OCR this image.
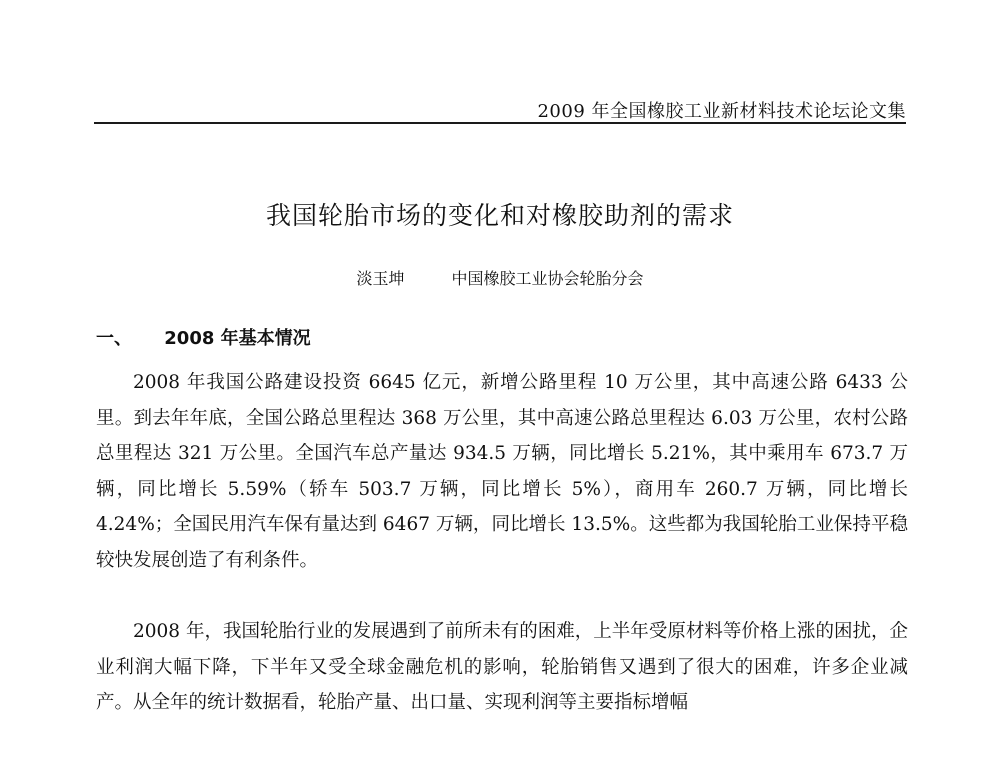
2009 年全国橡胶工业新材料技术论坛论文集
我国轮胎市场的变化和对橡胶助剂的需求
淡玉坤	中国橡胶工业协会轮胎分会
一、 2008 年基本情况

2008 年我国公路建设投资 6645 亿元，新增公路里程 10 万公里，其中高速公路 6433 公里。到去年年底，全国公路总里程达 368 万公里，其中高速公路总里程达 6.03 万公里，农村公路总里程达 321 万公里。全国汽车总产量达 934.5 万辆，同比增长 5.21%，其中乘用车 673.7 万辆，同比增长 5.59%（轿车 503.7 万辆，同比增长 5%），商用车 260.7 万辆，同比增长 4.24%；全国民用汽车保有量达到 6467 万辆，同比增长 13.5%。这些都为我国轮胎工业保持平稳较快发展创造了有利条件。

2008 年，我国轮胎行业的发展遇到了前所未有的困难，上半年受原材料等价格上涨的困扰，企业利润大幅下降，下半年又受全球金融危机的影响，轮胎销售又遇到了很大的困难，许多企业减产。从全年的统计数据看，轮胎产量、出口量、实现利润等主要指标增幅
